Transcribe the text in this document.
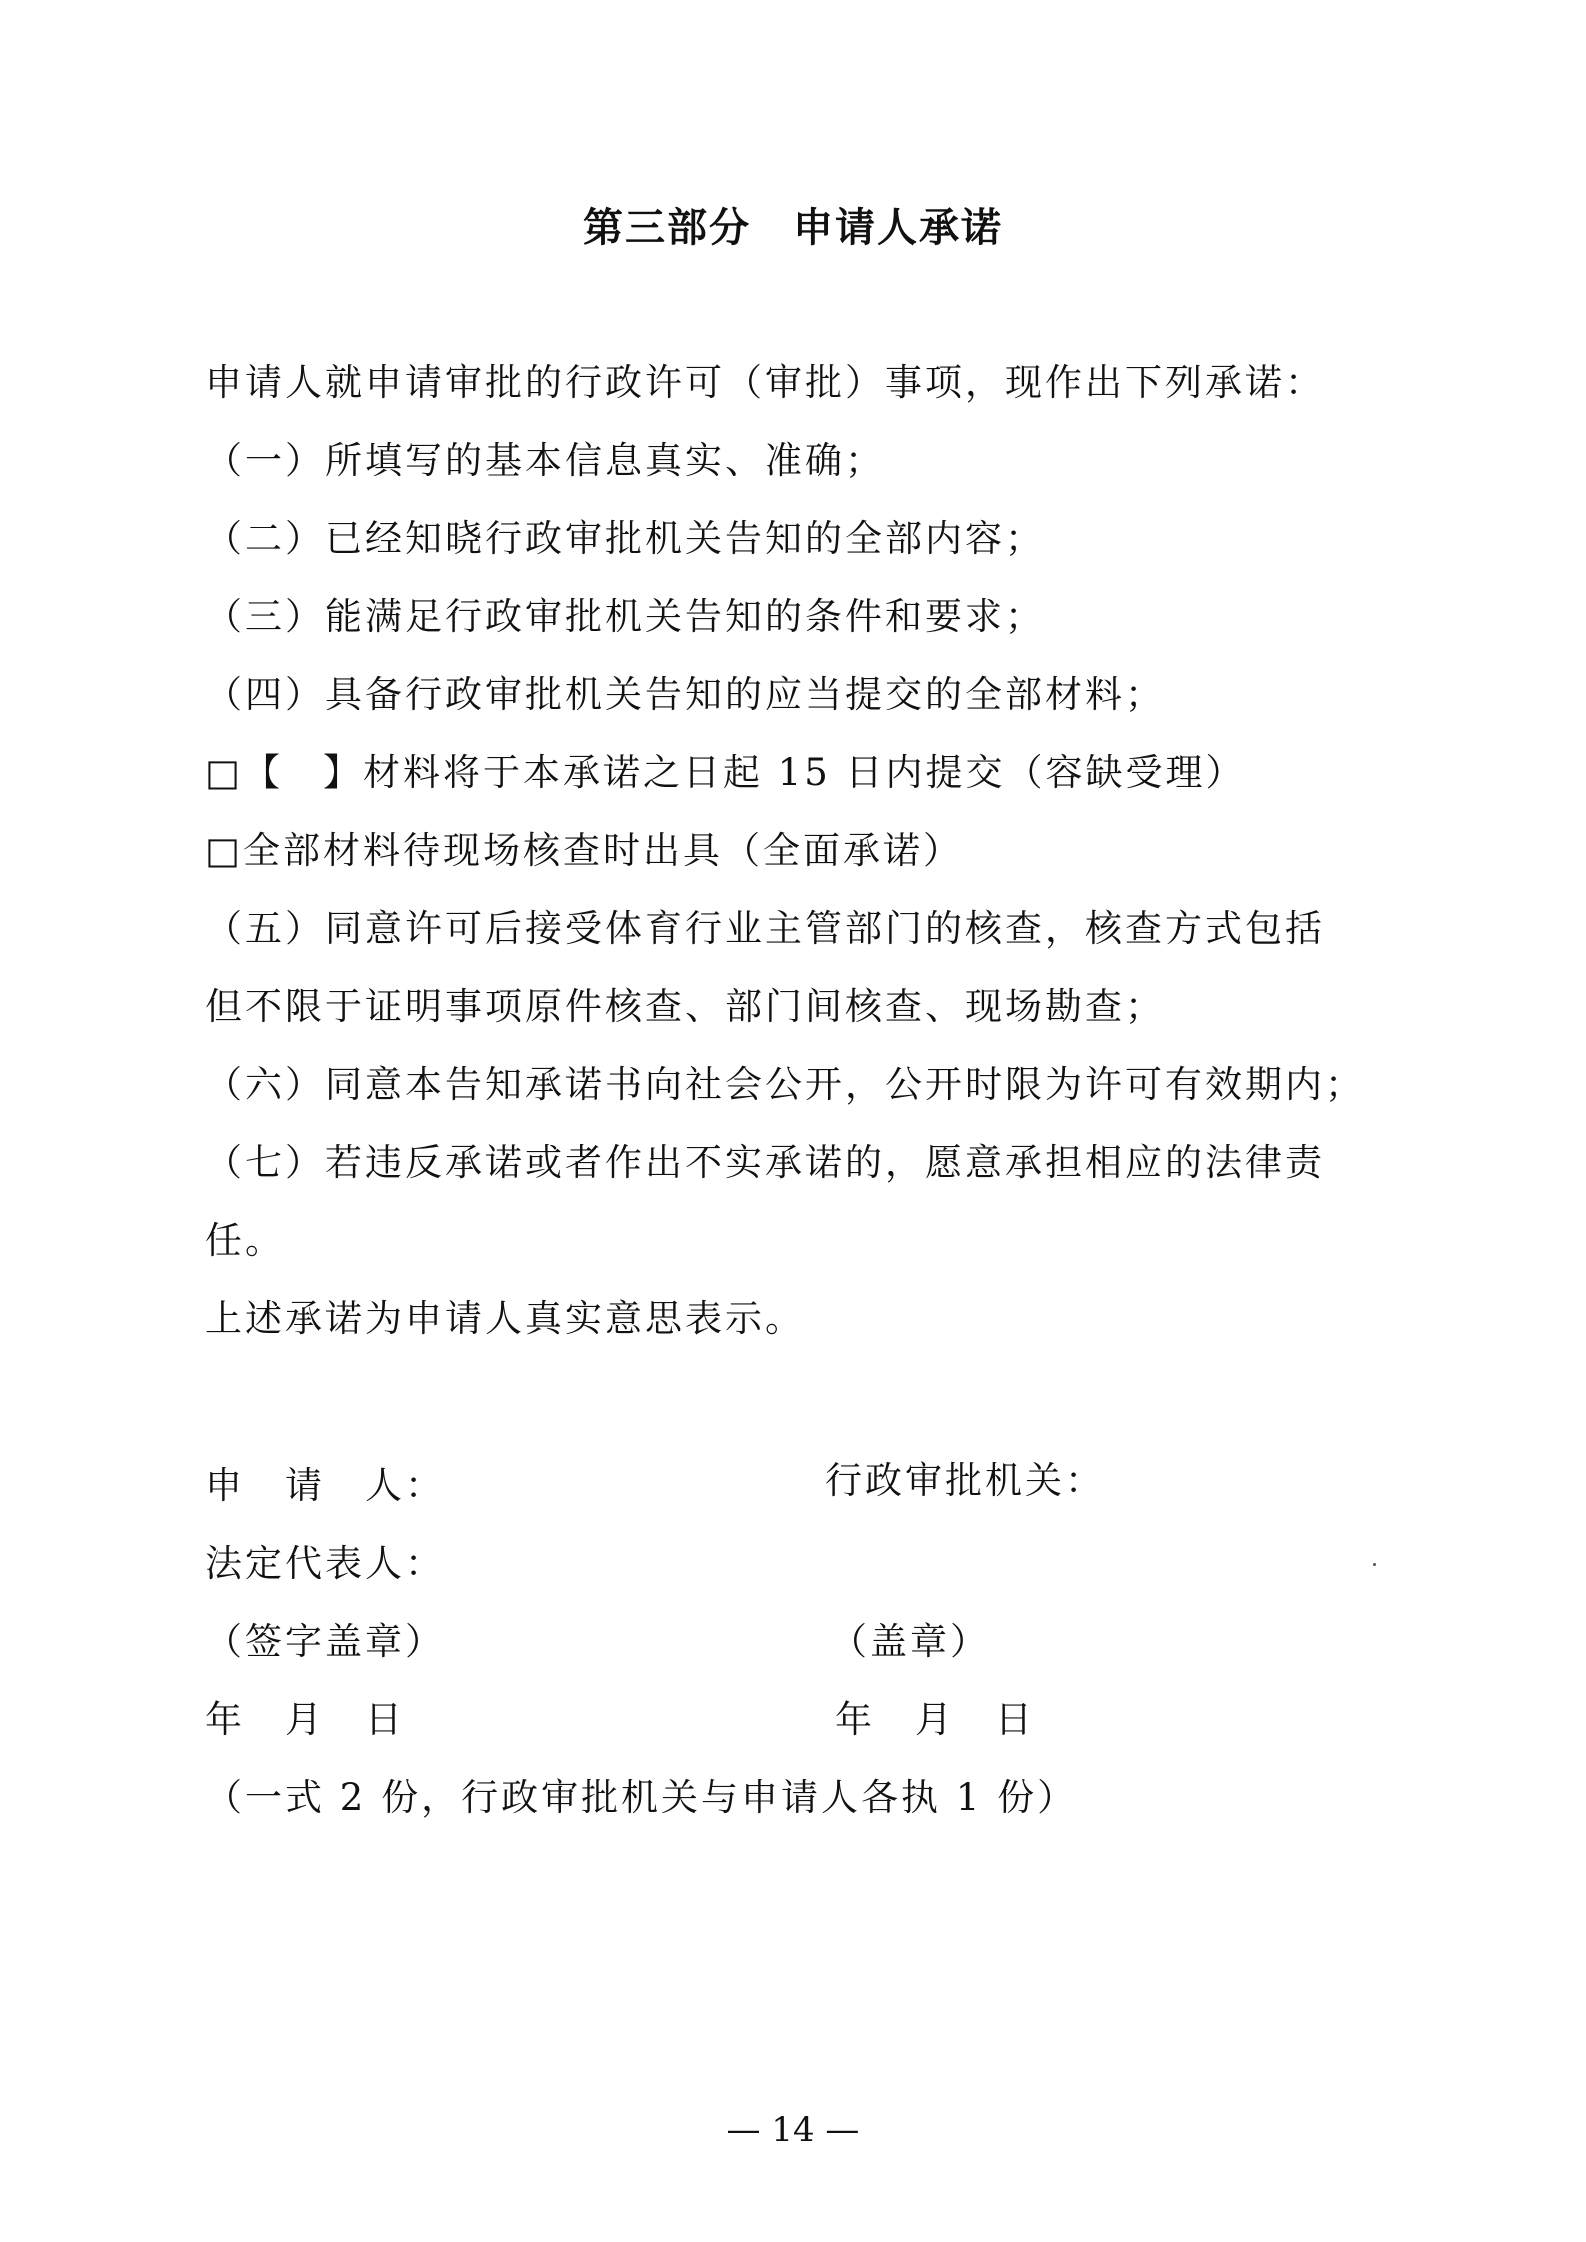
第三部分　申请人承诺
申请人就申请审批的行政许可（审批）事项，现作出下列承诺：
（一）所填写的基本信息真实、准确；
（二）已经知晓行政审批机关告知的全部内容；
（三）能满足行政审批机关告知的条件和要求；
（四）具备行政审批机关告知的应当提交的全部材料；
□【　】材料将于本承诺之日起 15 日内提交（容缺受理）
□全部材料待现场核查时出具（全面承诺）
（五）同意许可后接受体育行业主管部门的核查，核查方式包括
但不限于证明事项原件核查、部门间核查、现场勘查；
（六）同意本告知承诺书向社会公开，公开时限为许可有效期内；
（七）若违反承诺或者作出不实承诺的，愿意承担相应的法律责
任。
上述承诺为申请人真实意思表示。
申　请　人：	行政审批机关：
法定代表人：
（签字盖章）	（盖章）
年　月　日	年　月　日
（一式 2 份，行政审批机关与申请人各执 1 份）
— 14 —
